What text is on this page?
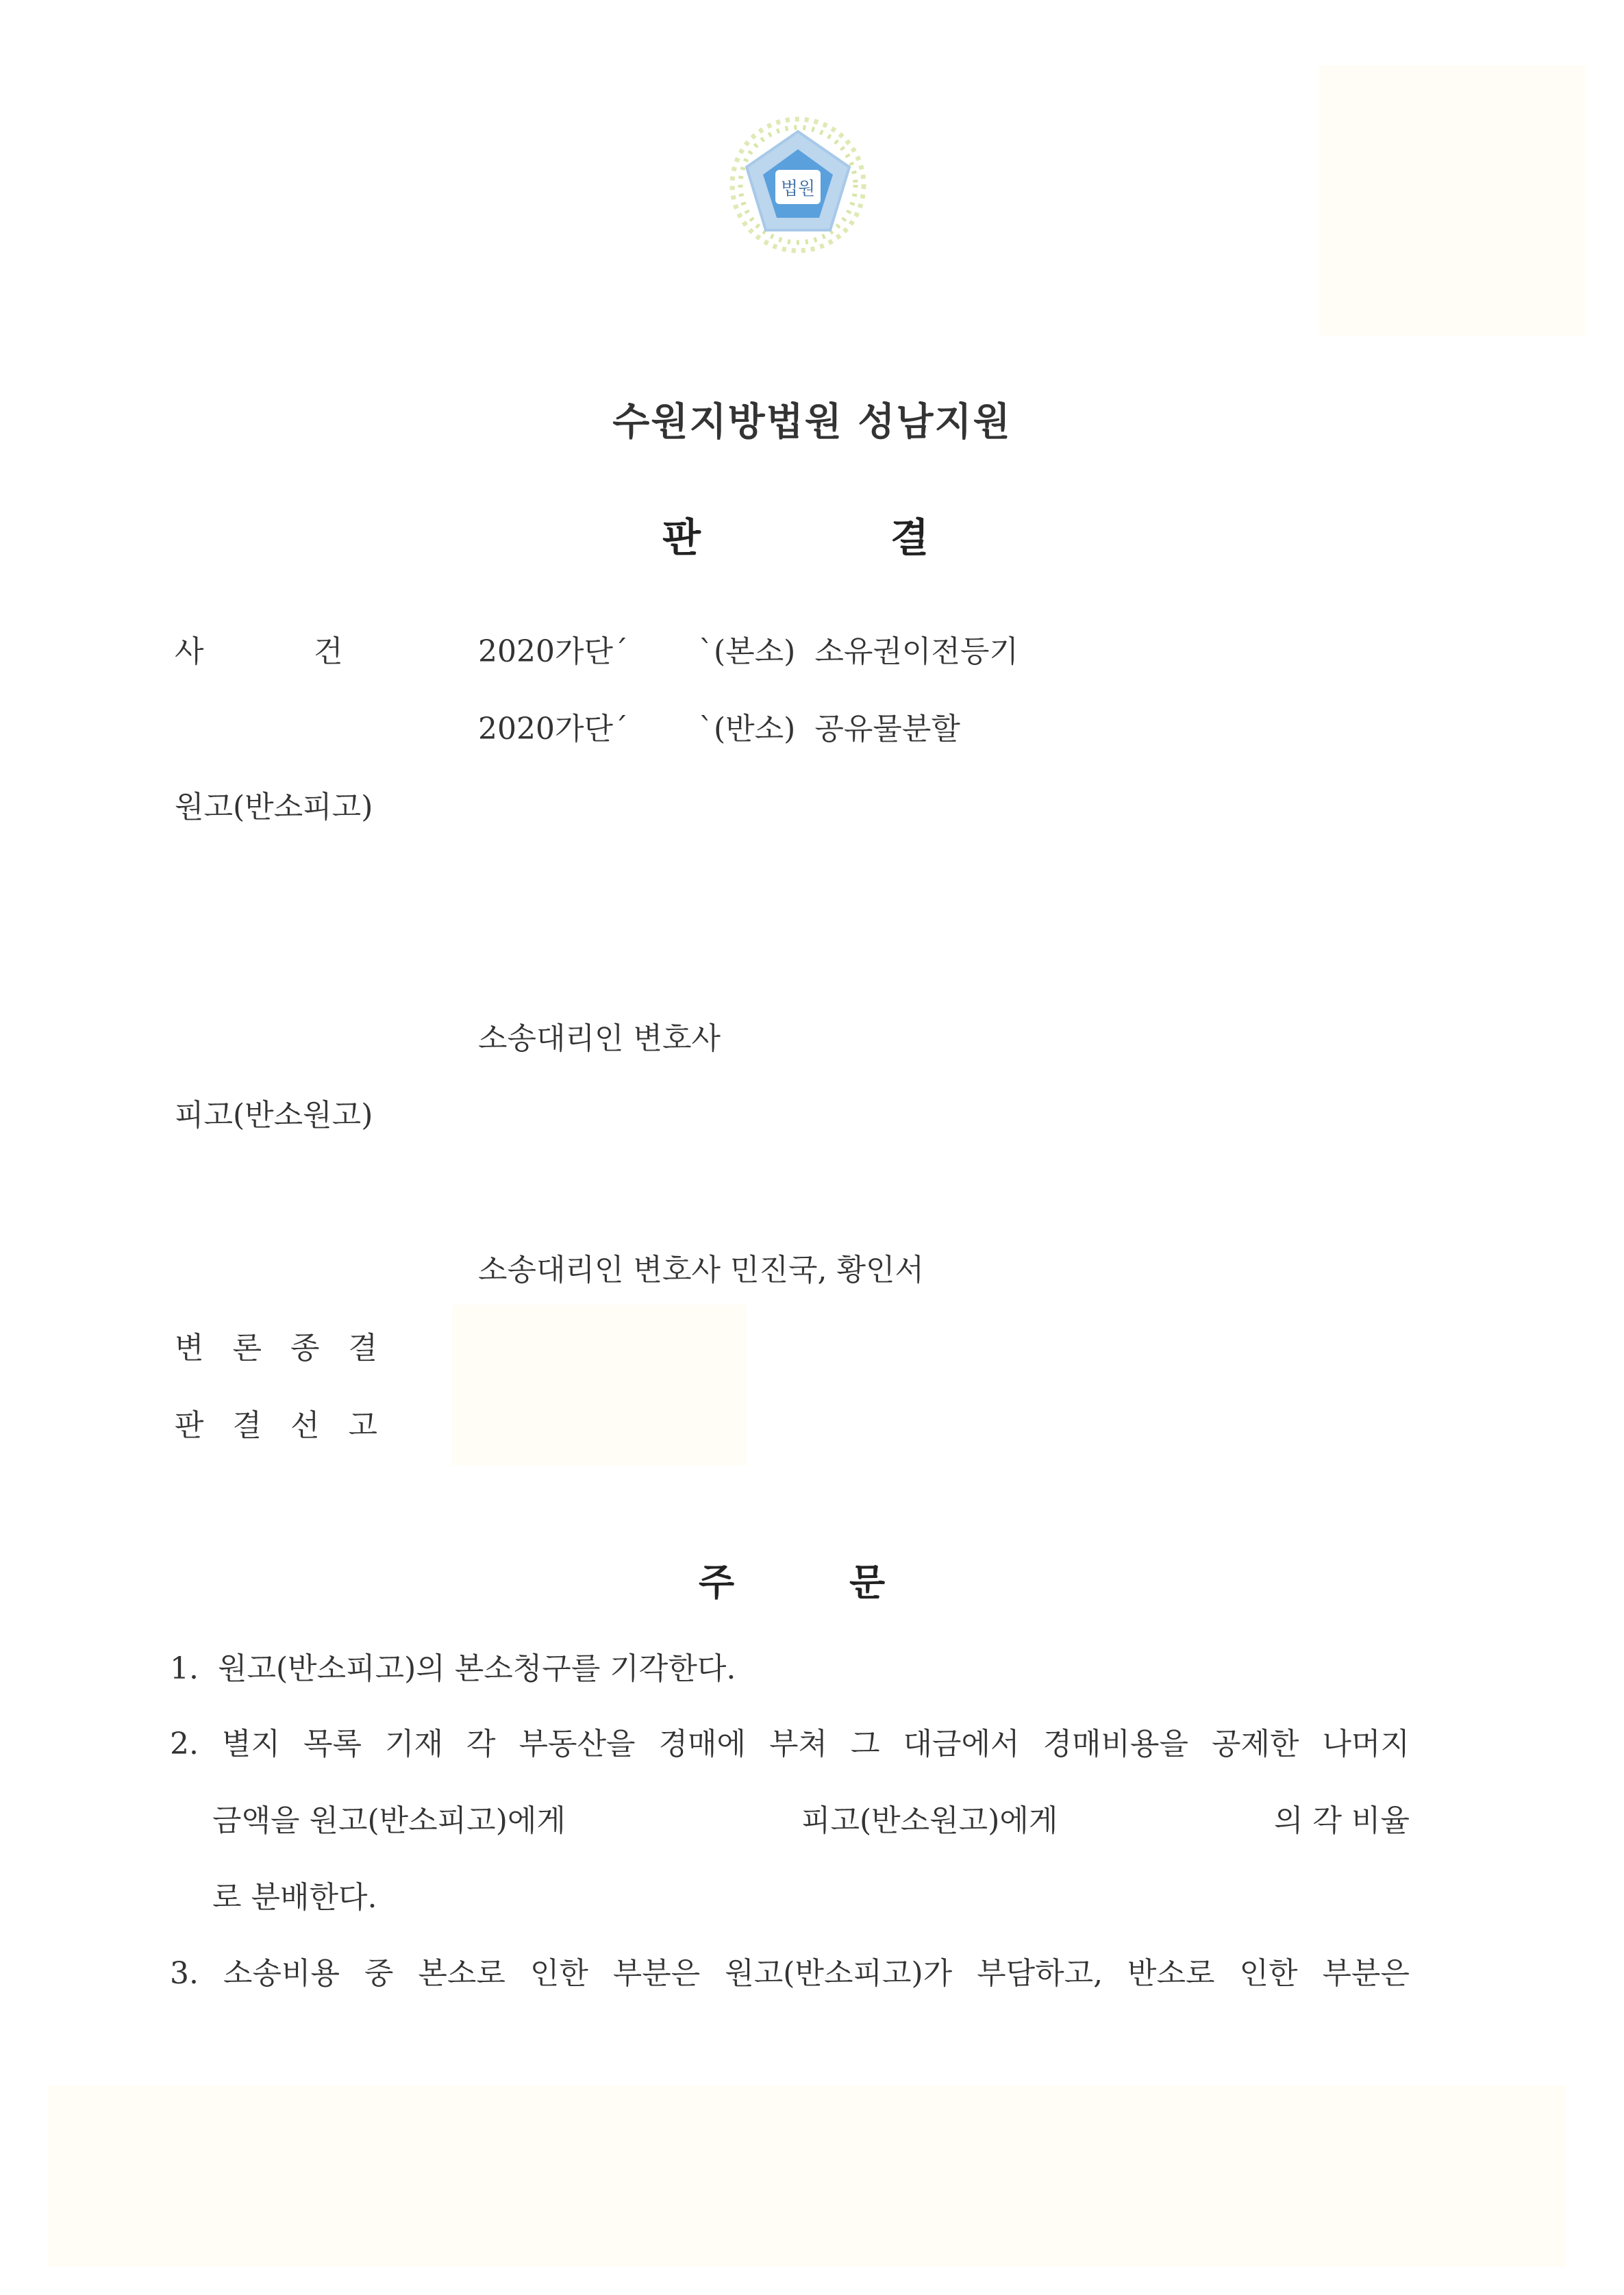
법원
수원지방법원 성남지원
판	결
사	건	2020가단´ `(본소)  소유권이전등기
2020가단´ `(반소)  공유물분할
원고(반소피고)
소송대리인 변호사
피고(반소원고)
소송대리인 변호사 민진국, 황인서
변 론 종 결
판 결 선 고
주	문
1.  원고(반소피고)의 본소청구를 기각한다.
2. 별지 목록 기재 각 부동산을 경매에 부쳐 그 대금에서 경매비용을 공제한 나머지
금액을 원고(반소피고)에게	피고(반소원고)에게	의 각 비율
로 분배한다.
3. 소송비용 중 본소로 인한 부분은 원고(반소피고)가 부담하고, 반소로 인한 부분은
